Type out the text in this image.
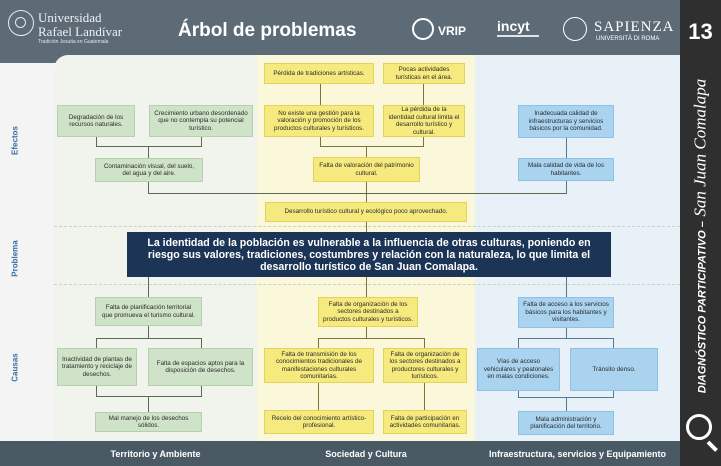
Universidad
Rafael Landívar
Tradición Jesuita en Guatemala
Árbol de problemas	VRIP incyt	SAPIENZA
UNIVERSITÀ DI ROMA	13
DIAGNÓSTICO PARTICIPATIVO – San Juan Comalapa
Efectos
Problema
Causas
Degradación de los recursos naturales.
Crecimiento urbano desordenado que no contempla su potencial turístico.
Contaminación visual, del suelo, del agua y del aire.
Pérdida de tradiciones artísticas.
Pocas actividades turísticas en el área.
No existe una gestión para la valoración y promoción de los productos culturales y turísticos.
La pérdida de la identidad cultural limita el desarrollo turístico y cultural.
Falta de valoración del patrimonio cultural.
Desarrollo turístico cultural y ecológico poco aprovechado.
Inadecuada calidad de infraestructuras y servicios básicos por la comunidad.
Mala calidad de vida de los habitantes.
La identidad de la población es vulnerable a la influencia de otras culturas, poniendo en riesgo sus valores, tradiciones, costumbres y relación con la naturaleza, lo que limita el desarrollo turístico de San Juan Comalapa.
Falta de planificación territorial que promueva el turismo cultural.
Inactividad de plantas de tratamiento y reciclaje de desechos.
Falta de espacios aptos para la disposición de desechos.
Mal manejo de los desechos sólidos.
Falta de organización de los sectores destinados a productos culturales y turísticos.
Falta de transmisión de los conocimientos tradicionales de manifestaciones culturales comunitarias.
Falta de organización de los sectores destinados a productores culturales y turísticos.
Recelo del conocimiento artístico-profesional.
Falta de participación en actividades comunitarias.
Falta de acceso a los servicios básicos para los habitantes y visitantes.
Vías de acceso vehiculares y peatonales en malas condiciones.
Tránsito denso.
Mala administración y planificación del territorio.
Territorio y Ambiente	Sociedad y Cultura	Infraestructura, servicios y Equipamiento
